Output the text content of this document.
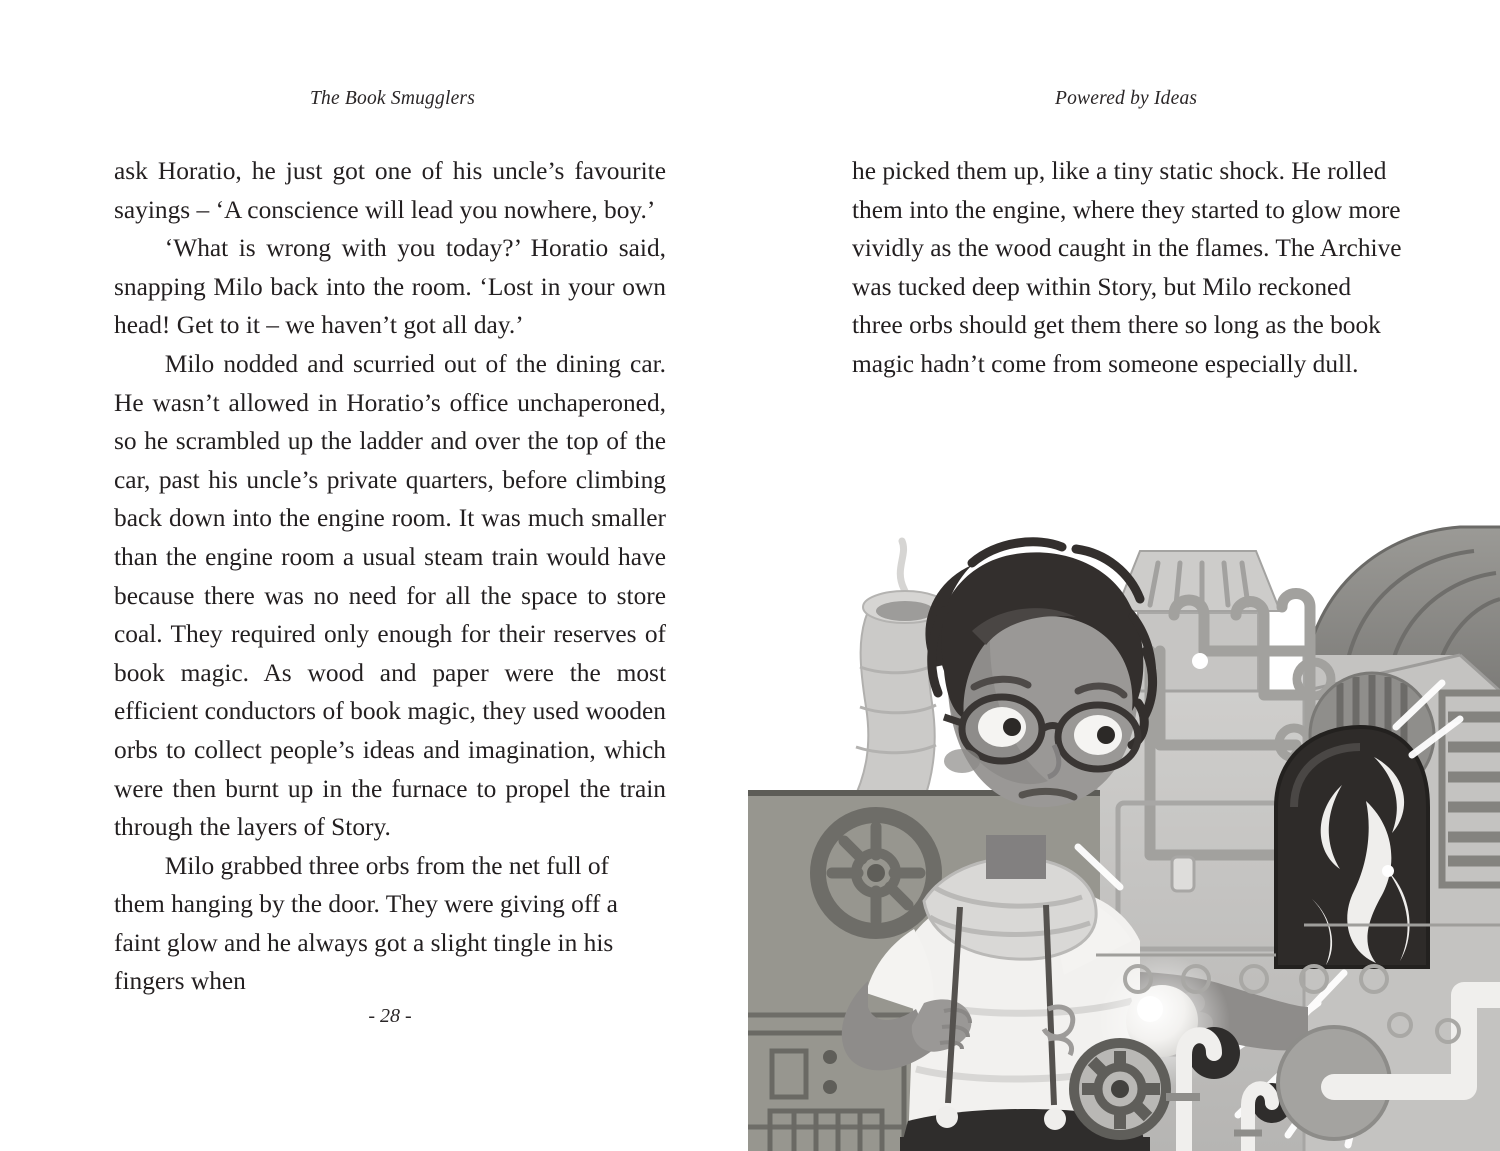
The Book Smugglers	Powered by Ideas

ask Horatio, he just got one of his uncle’s favourite sayings – ‘A conscience will lead you nowhere, boy.’

‘What is wrong with you today?’ Horatio said, snapping Milo back into the room. ‘Lost in your own head! Get to it – we haven’t got all day.’

Milo nodded and scurried out of the dining car. He wasn’t allowed in Horatio’s office unchaperoned, so he scrambled up the ladder and over the top of the car, past his uncle’s private quarters, before climbing back down into the engine room. It was much smaller than the engine room a usual steam train would have because there was no need for all the space to store coal. They required only enough for their reserves of book magic. As wood and paper were the most efficient conductors of book magic, they used wooden orbs to collect people’s ideas and imagination, which were then burnt up in the furnace to propel the train through the layers of Story.

Milo grabbed three orbs from the net full of them hanging by the door. They were giving off a faint glow and he always got a slight tingle in his fingers when

- 28 -

he picked them up, like a tiny static shock. He rolled them into the engine, where they started to glow more vividly as the wood caught in the flames. The Archive was tucked deep within Story, but Milo reckoned three orbs should get them there so long as the book magic hadn’t come from someone especially dull.
